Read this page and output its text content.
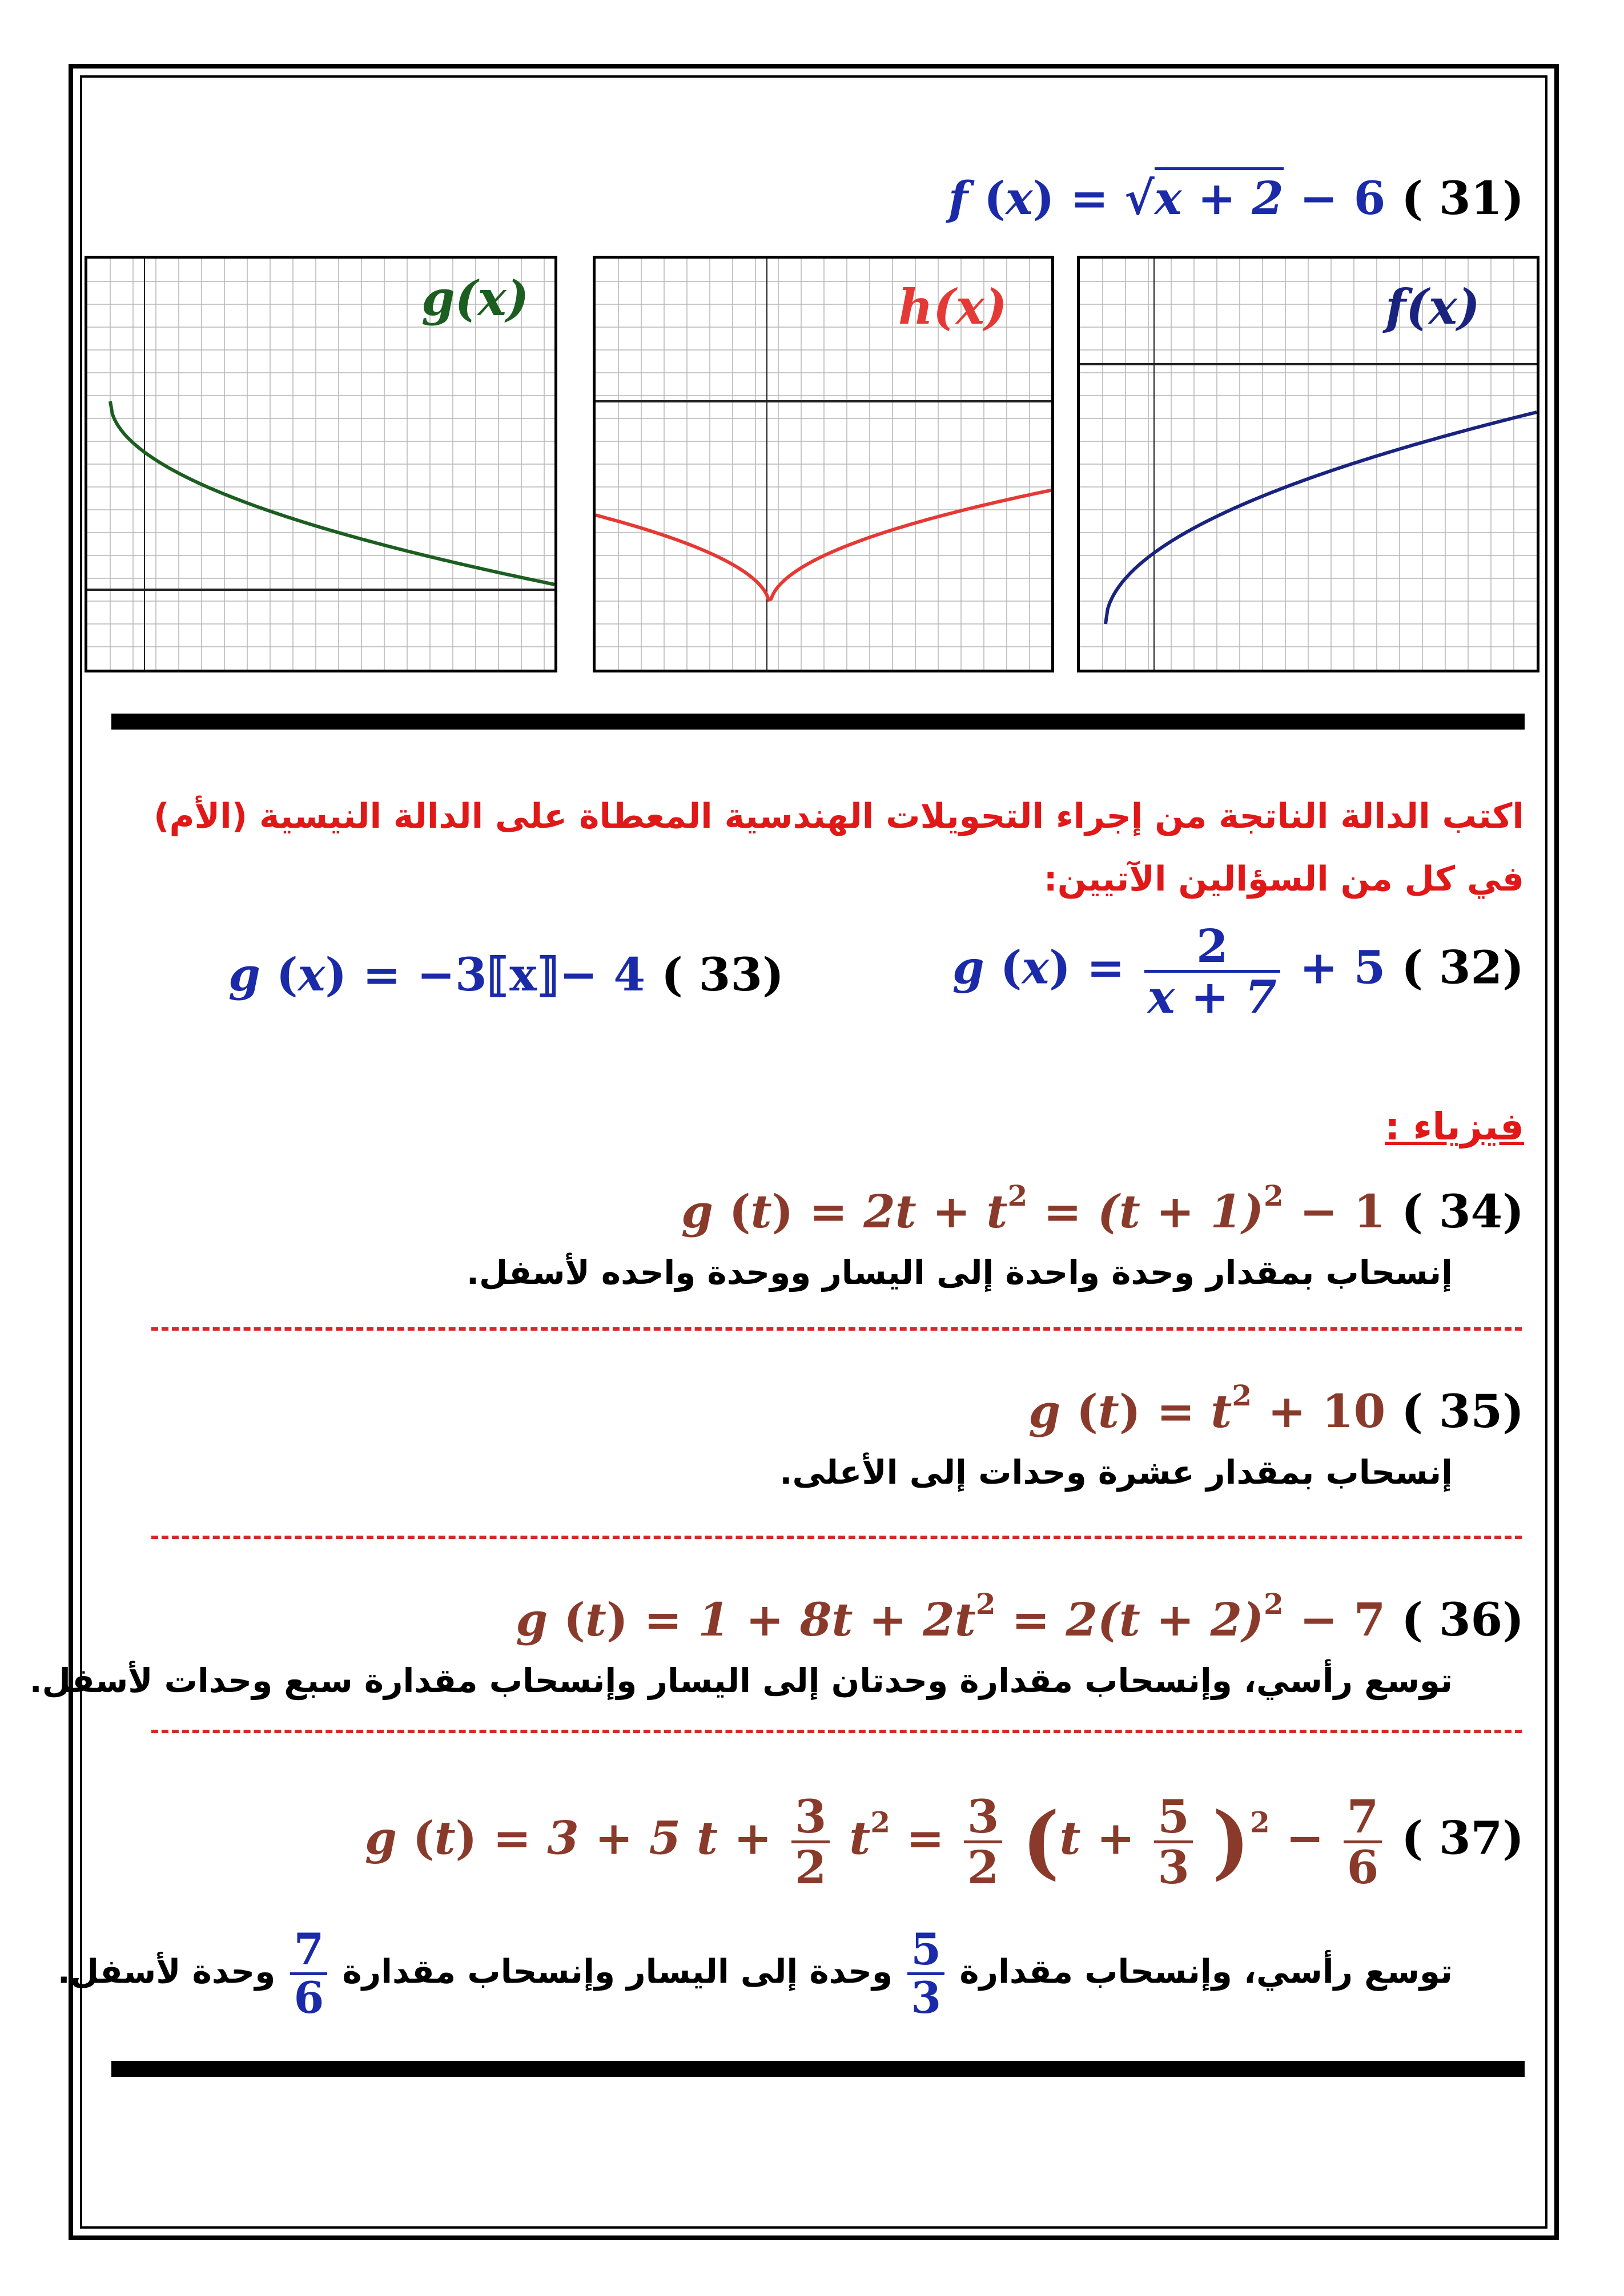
f (x) = √x + 2 − 6 ( 31)
g(x)	h(x)	f(x)
اكتب الدالة الناتجة من إجراء التحويلات الهندسية المعطاة على الدالة النيسية (الأم)
في كل من السؤالين الآتيين:
g $(x) = \frac{2}{x + 7} + 5$ ( 32)
g (x) = −3⟦x⟧− 4 ( 33)
فيزياء :
g $(t) = 2t + t^2 = (t + 1)^2 - 1$ ( 34)
إنسحاب بمقدار وحدة واحدة إلى اليسار ووحدة واحده لأسفل.
g $(t) = t^2 + 10$ ( 35)
إنسحاب بمقدار عشرة وحدات إلى الأعلى.
g $(t) = 1 + 8t + 2t^2 = 2(t + 2)^2 - 7$ ( 36)
توسع رأسي، وإنسحاب مقدارة وحدتان إلى اليسار وإنسحاب مقدارة سبع وحدات لأسفل.
g (t) = 3 + 5 $t + \frac{3}{2} t^2 = \frac{3}{2} (t + \frac{5}{3} )^2 - \frac{7}{6}$ ( 37)
توسع رأسي، وإنسحاب مقدارة
$\frac{5}{3}$
وحدة إلى اليسار وإنسحاب مقدارة
$\frac{7}{6}$
وحدة لأسفل.
